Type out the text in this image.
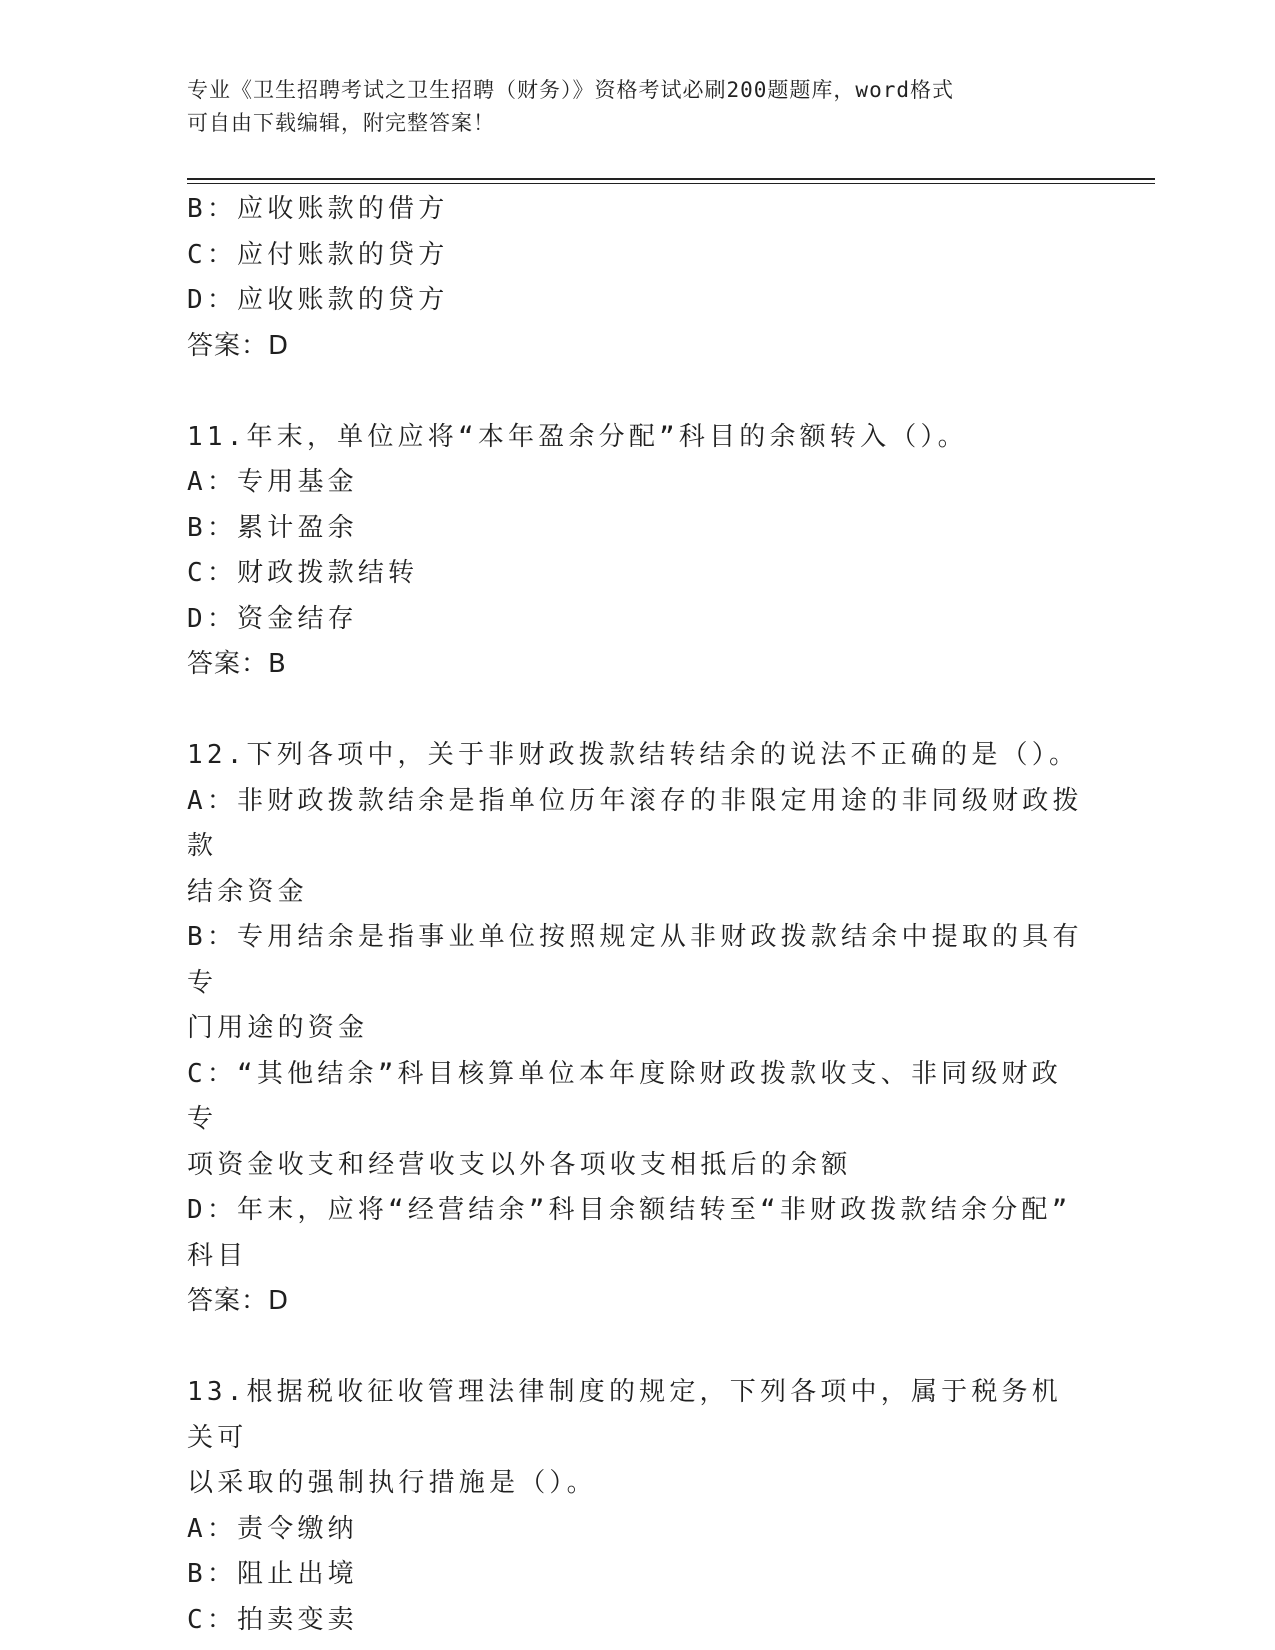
专业《卫生招聘考试之卫生招聘（财务）》资格考试必刷200题题库，word格式
可自由下载编辑，附完整答案！
B：应收账款的借方
C：应付账款的贷方
D：应收账款的贷方
答案：D
11.年末，单位应将“本年盈余分配”科目的余额转入（）。
A：专用基金
B：累计盈余
C：财政拨款结转
D：资金结存
答案：B
12.下列各项中，关于非财政拨款结转结余的说法不正确的是（）。
A：非财政拨款结余是指单位历年滚存的非限定用途的非同级财政拨款
结余资金
B：专用结余是指事业单位按照规定从非财政拨款结余中提取的具有专
门用途的资金
C：“其他结余”科目核算单位本年度除财政拨款收支、非同级财政专
项资金收支和经营收支以外各项收支相抵后的余额
D：年末，应将“经营结余”科目余额结转至“非财政拨款结余分配”
科目
答案：D
13.根据税收征收管理法律制度的规定，下列各项中，属于税务机关可
以采取的强制执行措施是（）。
A：责令缴纳
B：阻止出境
C：拍卖变卖
